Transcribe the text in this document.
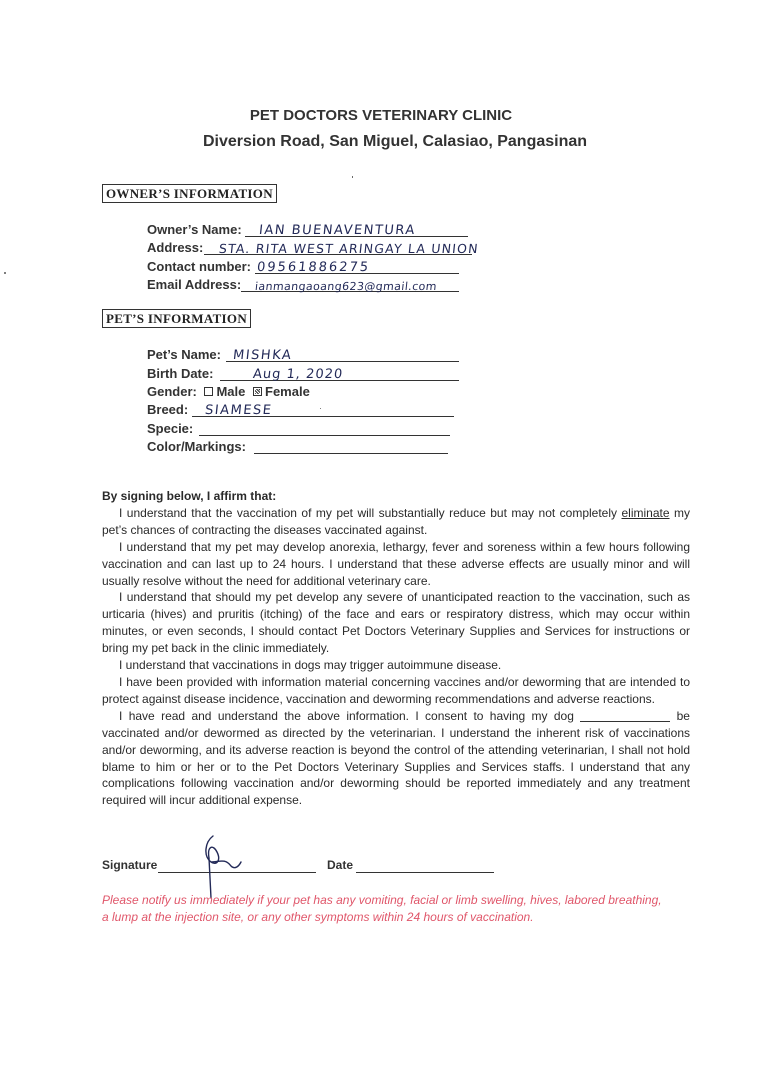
PET DOCTORS VETERINARY CLINIC
Diversion Road, San Miguel, Calasiao, Pangasinan
OWNER’S INFORMATION
Owner’s Name: IAN BUENAVENTURA
Address: STA. RITA WEST ARINGAY LA UNION
Contact number: 09561886275
Email Address: ianmangaoang623@gmail.com
PET’S INFORMATION
Pet’s Name: MISHKA
Birth Date:	Aug 1, 2020
Gender: Male Female
Breed: SIAMESE
Specie:
Color/Markings:

By signing below, I affirm that:

I understand that the vaccination of my pet will substantially reduce but may not completely eliminate my pet’s chances of contracting the diseases vaccinated against.

I understand that my pet may develop anorexia, lethargy, fever and soreness within a few hours following vaccination and can last up to 24 hours. I understand that these adverse effects are usually minor and will usually resolve without the need for additional veterinary care.

I understand that should my pet develop any severe of unanticipated reaction to the vaccination, such as urticaria (hives) and pruritis (itching) of the face and ears or respiratory distress, which may occur within minutes, or even seconds, I should contact Pet Doctors Veterinary Supplies and Services for instructions or bring my pet back in the clinic immediately.

I understand that vaccinations in dogs may trigger autoimmune disease.

I have been provided with information material concerning vaccines and/or deworming that are intended to protect against disease incidence, vaccination and deworming recommendations and adverse reactions.

I have read and understand the above information. I consent to having my dog	be vaccinated and/or dewormed as directed by the veterinarian. I understand the inherent risk of vaccinations and/or deworming, and its adverse reaction is beyond the control of the attending veterinarian, I shall not hold blame to him or her or to the Pet Doctors Veterinary Supplies and Services staffs. I understand that any complications following vaccination and/or deworming should be reported immediately and any treatment required will incur additional expense.

Signature	Date
Please notify us immediately if your pet has any vomiting, facial or limb swelling, hives, labored breathing, a lump at the injection site, or any other symptoms within 24 hours of vaccination.
